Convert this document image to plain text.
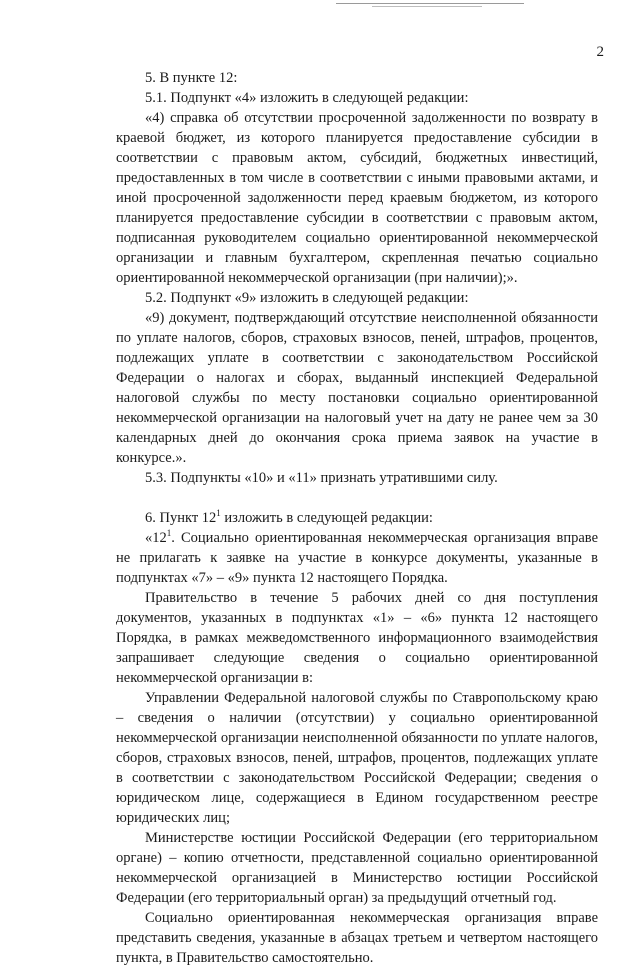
2

5. В пункте 12:

5.1. Подпункт «4» изложить в следующей редакции:

«4) справка об отсутствии просроченной задолженности по возврату в краевой бюджет, из которого планируется предоставление субсидии в соответствии с правовым актом, субсидий, бюджетных инвестиций, предоставленных в том числе в соответствии с иными правовыми актами, и иной просроченной задолженности перед краевым бюджетом, из которого планируется предоставление субсидии в соответствии с правовым актом, подписанная руководителем социально ориентированной некоммерческой организации и главным бухгалтером, скрепленная печатью социально ориентированной некоммерческой организации (при наличии);».

5.2. Подпункт «9» изложить в следующей редакции:

«9) документ, подтверждающий отсутствие неисполненной обязанности по уплате налогов, сборов, страховых взносов, пеней, штрафов, процентов, подлежащих уплате в соответствии с законодательством Российской Федерации о налогах и сборах, выданный инспекцией Федеральной налоговой службы по месту постановки социально ориентированной некоммерческой организации на налоговый учет на дату не ранее чем за 30 календарных дней до окончания срока приема заявок на участие в конкурсе.».

5.3. Подпункты «10» и «11» признать утратившими силу.

6. Пункт $12^1$ изложить в следующей редакции:

«$12^1$. Социально ориентированная некоммерческая организация вправе не прилагать к заявке на участие в конкурсе документы, указанные в подпунктах «7» – «9» пункта 12 настоящего Порядка.

Правительство в течение 5 рабочих дней со дня поступления документов, указанных в подпунктах «1» – «6» пункта 12 настоящего Порядка, в рамках межведомственного информационного взаимодействия запрашивает следующие сведения о социально ориентированной некоммерческой организации в:

Управлении Федеральной налоговой службы по Ставропольскому краю – сведения о наличии (отсутствии) у социально ориентированной некоммерческой организации неисполненной обязанности по уплате налогов, сборов, страховых взносов, пеней, штрафов, процентов, подлежащих уплате в соответствии с законодательством Российской Федерации; сведения о юридическом лице, содержащиеся в Едином государственном реестре юридических лиц;

Министерстве юстиции Российской Федерации (его территориальном органе) – копию отчетности, представленной социально ориентированной некоммерческой организацией в Министерство юстиции Российской Федерации (его территориальный орган) за предыдущий отчетный год.

Социально ориентированная некоммерческая организация вправе представить сведения, указанные в абзацах третьем и четвертом настоящего пункта, в Правительство самостоятельно.
